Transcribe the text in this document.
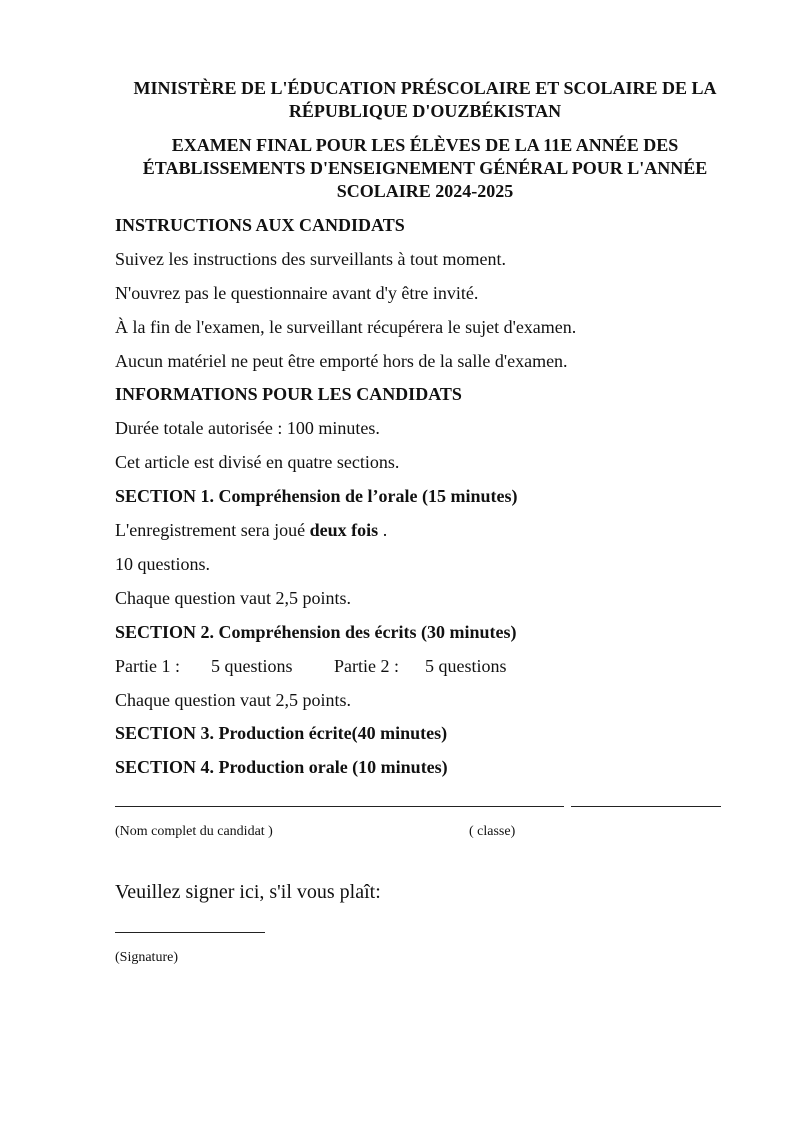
MINISTÈRE DE L'ÉDUCATION PRÉSCOLAIRE ET SCOLAIRE DE LA RÉPUBLIQUE D'OUZBÉKISTAN
EXAMEN FINAL POUR LES ÉLÈVES DE LA 11E ANNÉE DES ÉTABLISSEMENTS D'ENSEIGNEMENT GÉNÉRAL POUR L'ANNÉE SCOLAIRE 2024-2025
INSTRUCTIONS AUX CANDIDATS
Suivez les instructions des surveillants à tout moment.
N'ouvrez pas le questionnaire avant d'y être invité.
À la fin de l'examen, le surveillant récupérera le sujet d'examen.
Aucun matériel ne peut être emporté hors de la salle d'examen.
INFORMATIONS POUR LES CANDIDATS
Durée totale autorisée : 100 minutes.
Cet article est divisé en quatre sections.
SECTION 1. Compréhension de l’orale (15 minutes)
L'enregistrement sera joué deux fois .
10 questions.
Chaque question vaut 2,5 points.
SECTION 2. Compréhension des écrits (30 minutes)
Partie 1 : 5 questions Partie 2 : 5 questions
Chaque question vaut 2,5 points.
SECTION 3. Production écrite(40 minutes)
SECTION 4. Production orale (10 minutes)
(Nom complet du candidat )	( classe)
Veuillez signer ici, s'il vous plaît:
(Signature)
